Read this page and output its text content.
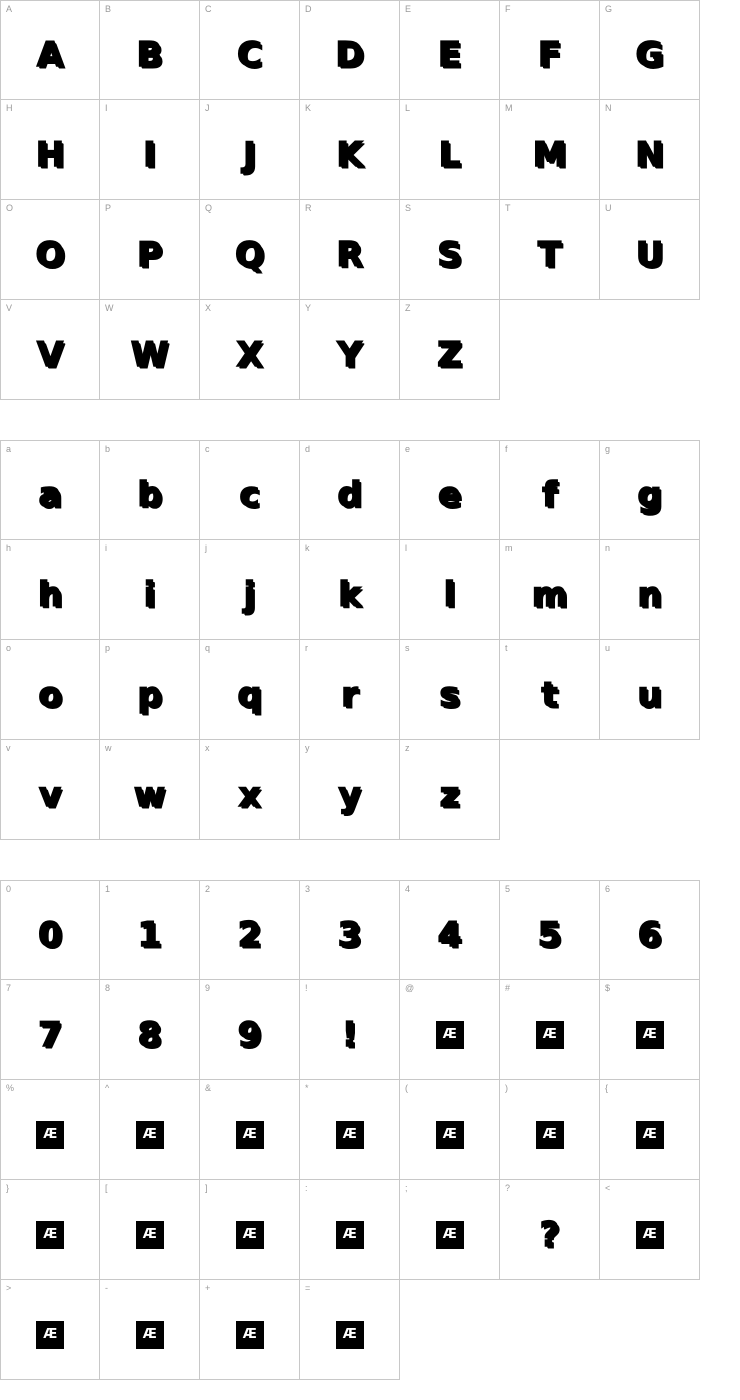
A
A
B
B
C
C
D
D
E
E
F
F
G
G
H
H
I
I
J
J
K
K
L
L
M
M
N
N
O
O
P
P
Q
Q
R
R
S
S
T
T
U
U
V
V
W
W
X
X
Y
Y
Z
Z
a
a
b
b
c
c
d
d
e
e
f
f
g
g
h
h
i
i
j
j
k
k
l
l
m
m
n
n
o
o
p
p
q
q
r
r
s
s
t
t
u
u
v
v
w
w
x
x
y
y
z
z
0
0
1
1
2
2
3
3
4
4
5
5
6
6
7
7
8
8
9
9
!
!
@
Æ
#
Æ
$
Æ
%
Æ
^
Æ
&
Æ
*
Æ
(
Æ
)
Æ
{
Æ
}
Æ
[
Æ
]
Æ
:
Æ
;
Æ
?
?
<
Æ
>
Æ
-
Æ
+
Æ
=
Æ
